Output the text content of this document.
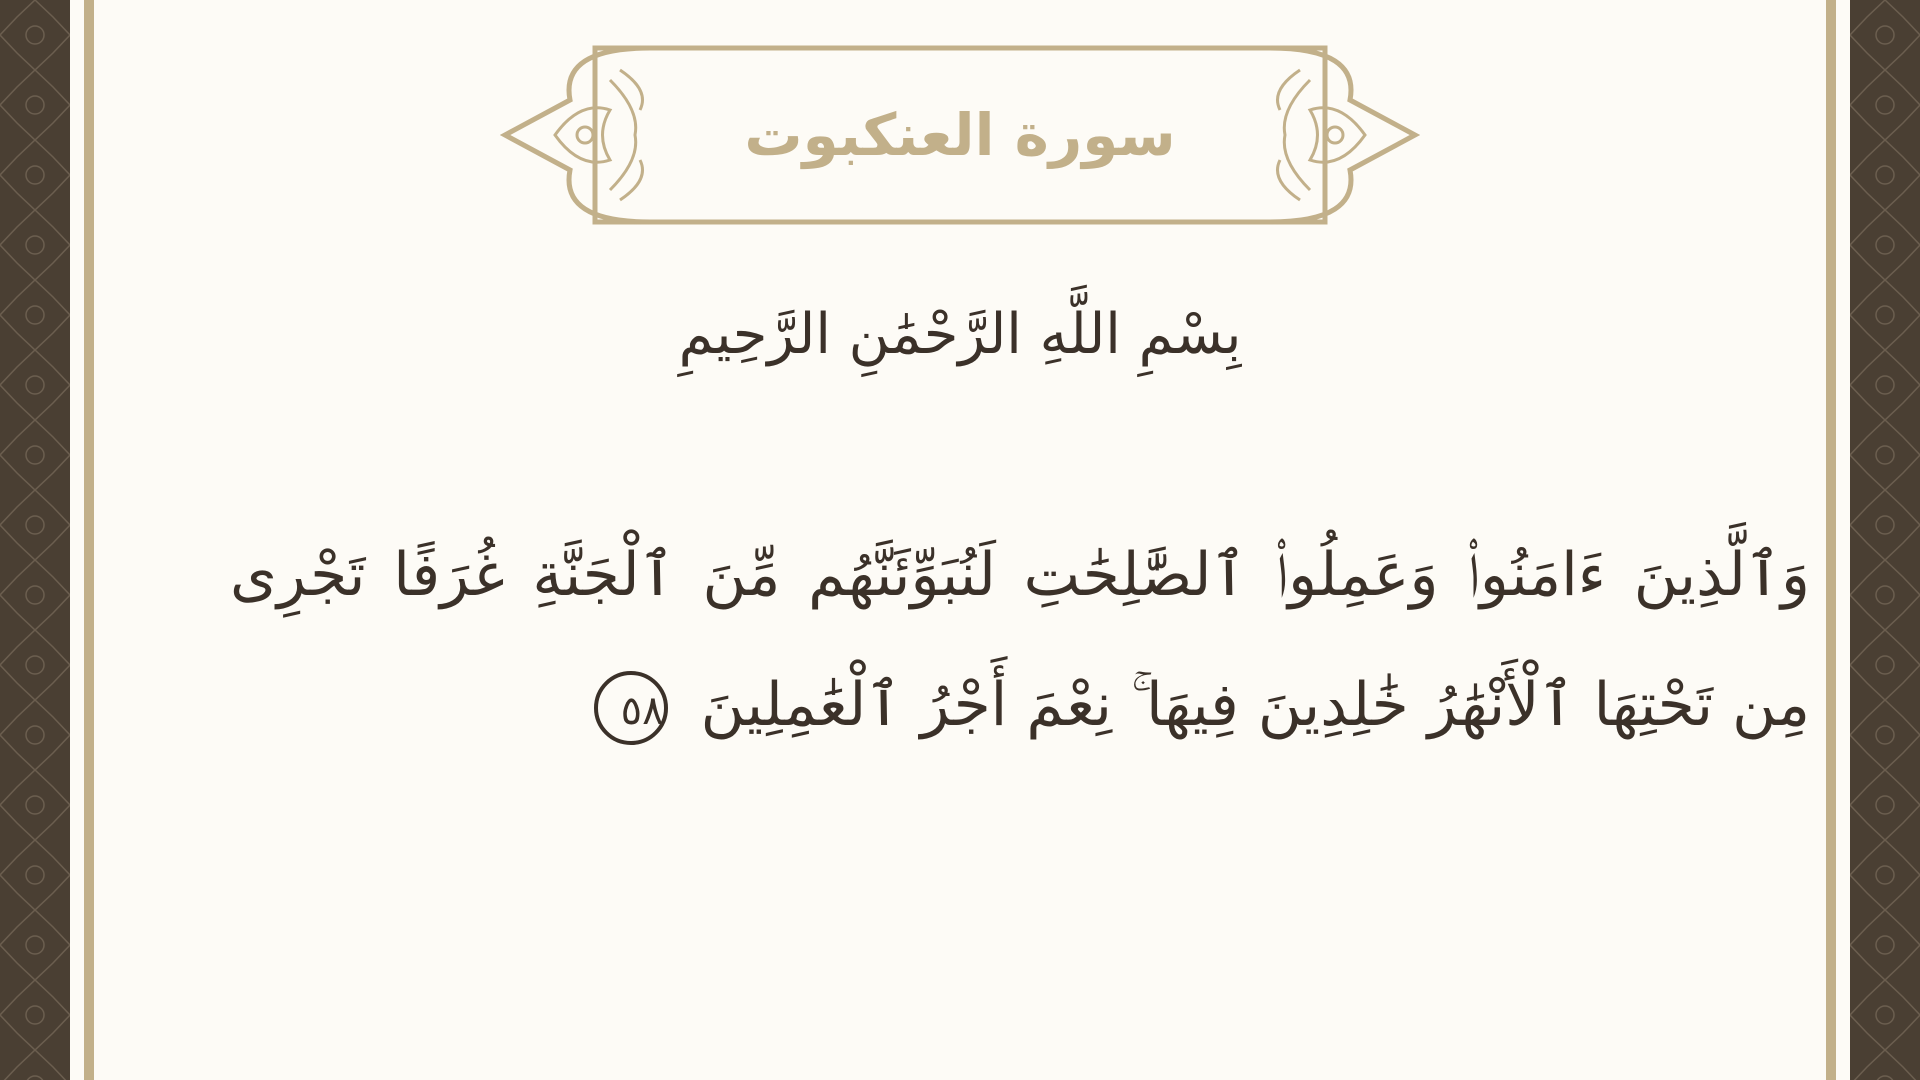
سورة العنكبوت
بِسْمِ اللَّهِ الرَّحْمَٰنِ الرَّحِيمِ
وَٱلَّذِينَ ءَامَنُوا۟ وَعَمِلُوا۟ ٱلصَّٰلِحَٰتِ لَنُبَوِّئَنَّهُم مِّنَ ٱلْجَنَّةِ غُرَفًا تَجْرِى مِن تَحْتِهَا ٱلْأَنْهَٰرُ خَٰلِدِينَ فِيهَا ۚ نِعْمَ أَجْرُ ٱلْعَٰمِلِينَ ٥٨
